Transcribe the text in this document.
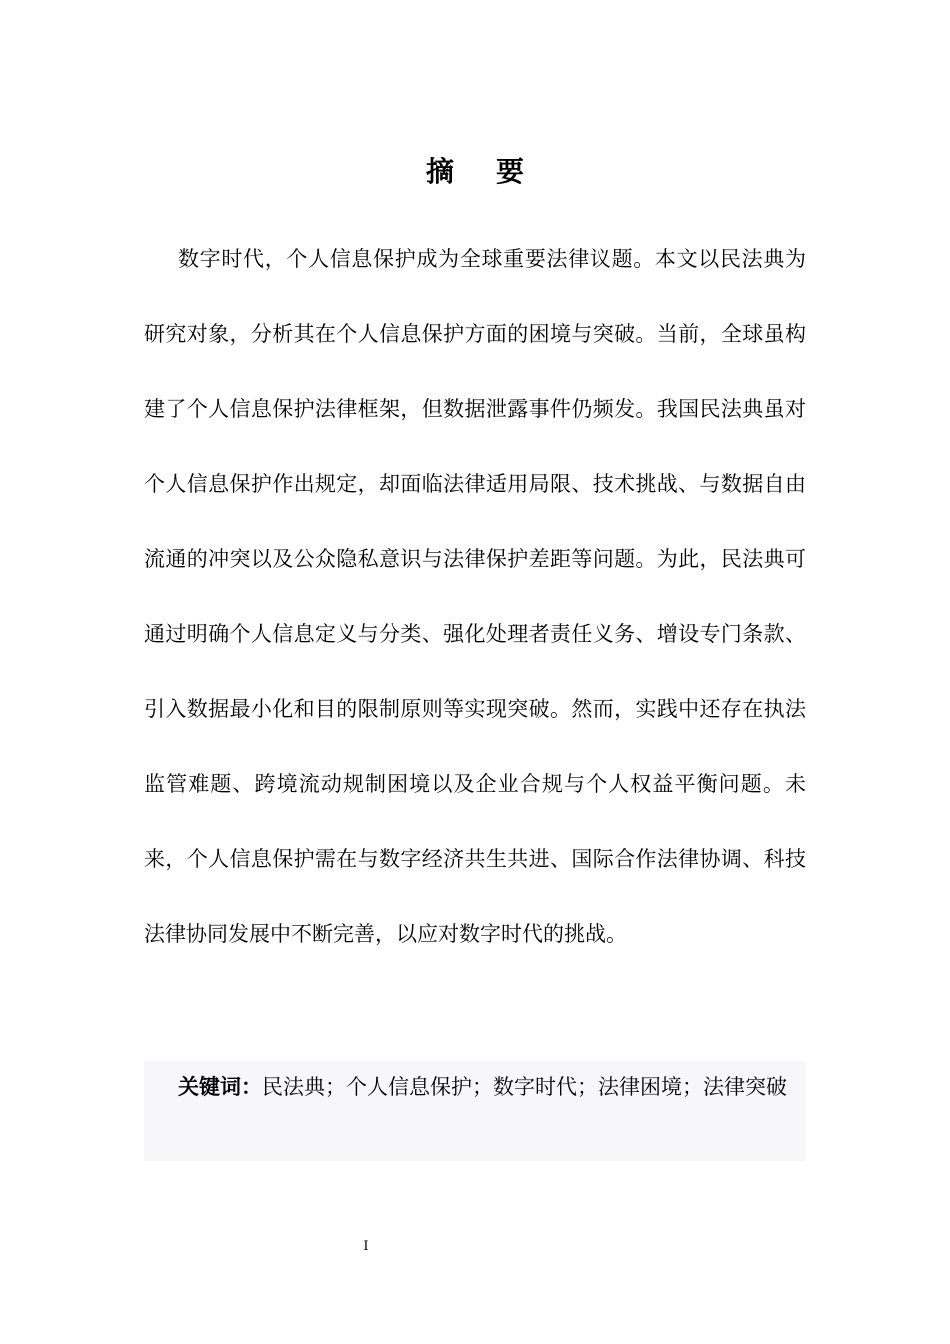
摘 要

数字时代，个人信息保护成为全球重要法律议题。本文以民法典为研究对象，分析其在个人信息保护方面的困境与突破。当前，全球虽构建了个人信息保护法律框架，但数据泄露事件仍频发。我国民法典虽对个人信息保护作出规定，却面临法律适用局限、技术挑战、与数据自由流通的冲突以及公众隐私意识与法律保护差距等问题。为此，民法典可通过明确个人信息定义与分类、强化处理者责任义务、增设专门条款、引入数据最小化和目的限制原则等实现突破。然而，实践中还存在执法监管难题、跨境流动规制困境以及企业合规与个人权益平衡问题。未来，个人信息保护需在与数字经济共生共进、国际合作法律协调、科技法律协同发展中不断完善，以应对数字时代的挑战。

关键词：民法典；个人信息保护；数字时代；法律困境；法律突破
I
